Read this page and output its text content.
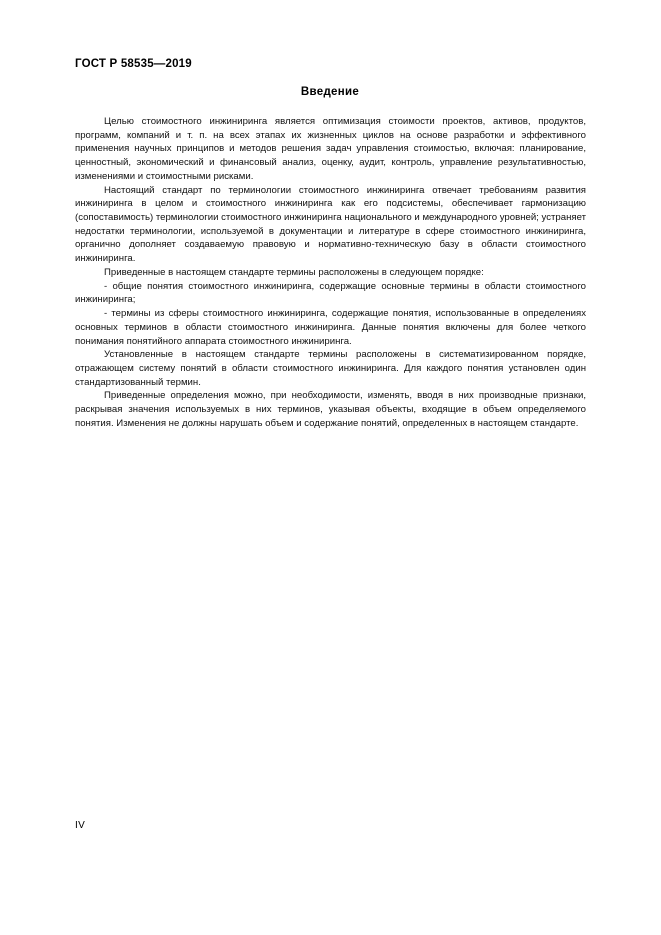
ГОСТ Р 58535—2019
Введение

Целью стоимостного инжиниринга является оптимизация стоимости проектов, активов, продуктов, программ, компаний и т. п. на всех этапах их жизненных циклов на основе разработки и эффективного применения научных принципов и методов решения задач управления стоимостью, включая: планирование, ценностный, экономический и финансовый анализ, оценку, аудит, контроль, управление результативностью, изменениями и стоимостными рисками.

Настоящий стандарт по терминологии стоимостного инжиниринга отвечает требованиям развития инжиниринга в целом и стоимостного инжиниринга как его подсистемы, обеспечивает гармонизацию (сопоставимость) терминологии стоимостного инжиниринга национального и международного уровней; устраняет недостатки терминологии, используемой в документации и литературе в сфере стоимостного инжиниринга, органично дополняет создаваемую правовую и нормативно-техническую базу в области стоимостного инжиниринга.

Приведенные в настоящем стандарте термины расположены в следующем порядке:

- общие понятия стоимостного инжиниринга, содержащие основные термины в области стоимостного инжиниринга;

- термины из сферы стоимостного инжиниринга, содержащие понятия, использованные в определениях основных терминов в области стоимостного инжиниринга. Данные понятия включены для более четкого понимания понятийного аппарата стоимостного инжиниринга.

Установленные в настоящем стандарте термины расположены в систематизированном порядке, отражающем систему понятий в области стоимостного инжиниринга. Для каждого понятия установлен один стандартизованный термин.

Приведенные определения можно, при необходимости, изменять, вводя в них производные признаки, раскрывая значения используемых в них терминов, указывая объекты, входящие в объем определяемого понятия. Изменения не должны нарушать объем и содержание понятий, определенных в настоящем стандарте.

IV
